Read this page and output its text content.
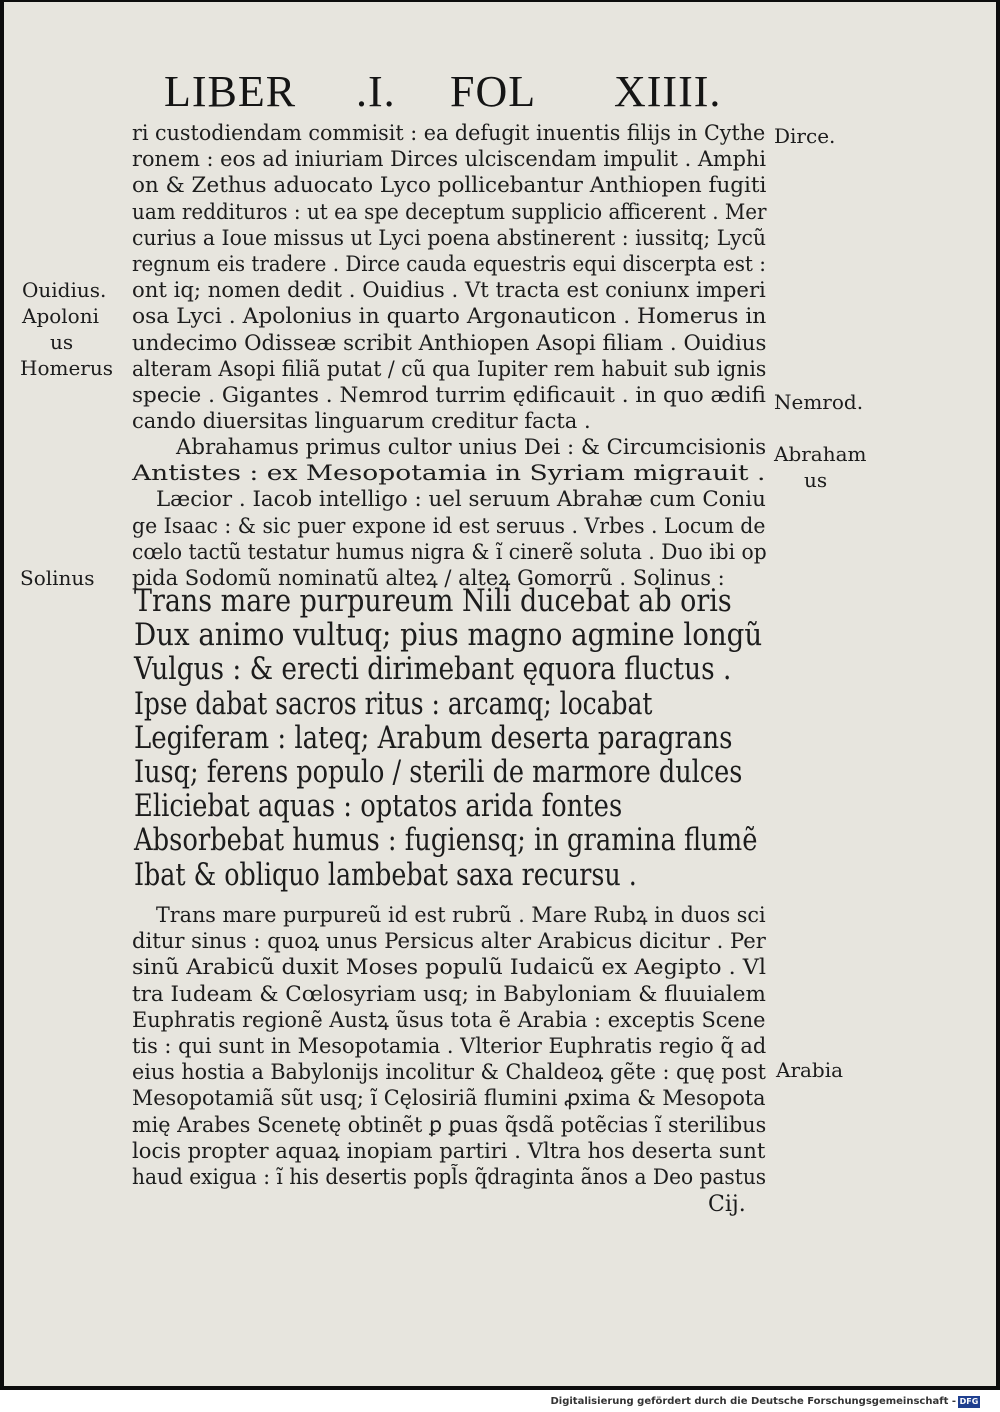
LIBER .I. FOL XIIII.
ri custodiendam commisit : ea defugit inuentis filijs in Cythe
ronem : eos ad iniuriam Dirces ulciscendam impulit . Amphi
on & Zethus aduocato Lyco pollicebantur Anthiopen fugiti
uam reddituros : ut ea spe deceptum supplicio afficerent . Mer
curius a Ioue missus ut Lyci poena abstinerent : iussitq; Lycũ
regnum eis tradere . Dirce cauda equestris equi discerpta est :
ont iq; nomen dedit . Ouidius . Vt tracta est coniunx imperi
osa Lyci . Apolonius in quarto Argonauticon . Homerus in
undecimo Odisseæ scribit Anthiopen Asopi filiam . Ouidius
alteram Asopi filiã putat / cũ qua Iupiter rem habuit sub ignis
specie . Gigantes . Nemrod turrim ędificauit . in quo ædifi
cando diuersitas linguarum creditur facta .
Abrahamus primus cultor unius Dei : & Circumcisionis
Antistes : ex Mesopotamia in Syriam migrauit .
Læcior . Iacob intelligo : uel seruum Abrahæ cum Coniu
ge Isaac : & sic puer expone id est seruus . Vrbes . Locum de
cœlo tactũ testatur humus nigra & ĩ cinerẽ soluta . Duo ibi op
pida Sodomũ nominatũ alteꝝ / alteꝝ Gomorrũ . Solinus :
Trans mare purpureum Nili ducebat ab oris
Dux animo vultuq; pius magno agmine longũ
Vulgus : & erecti dirimebant ęquora fluctus .
Ipse dabat sacros ritus : arcamq; locabat
Legiferam : lateq; Arabum deserta paragrans
Iusq; ferens populo / sterili de marmore dulces
Eliciebat aquas : optatos arida fontes
Absorbebat humus : fugiensq; in gramina flumẽ
Ibat & obliquo lambebat saxa recursu .
Trans mare purpureũ id est rubrũ . Mare Rubꝝ in duos sci
ditur sinus : quoꝝ unus Persicus alter Arabicus dicitur . Per
sinũ Arabicũ duxit Moses populũ Iudaicũ ex Aegipto . Vl
tra Iudeam & Cœlosyriam usq; in Babyloniam & fluuialem
Euphratis regionẽ Austꝝ ũsus tota ẽ Arabia : exceptis Scene
tis : qui sunt in Mesopotamia . Vlterior Euphratis regio q̃ ad
eius hostia a Babylonijs incolitur & Chaldeoꝝ gẽte : quę post
Mesopotamiã sũt usq; ĩ Cęlosiriã flumini ꝓxima & Mesopota
mię Arabes Scenetę obtinẽt ꝑ ꝑuas q̃sdã potẽcias ĩ sterilibus
locis propter aquaꝝ inopiam partiri . Vltra hos deserta sunt
haud exigua : ĩ his desertis popl̃s q̃draginta ãnos a Deo pastus
Ouidius.
Apoloni
us
Homerus
Solinus
Dirce.
Nemrod.
Abraham
us
Arabia
Cij.
Digitalisierung gefördert durch die Deutsche Forschungsgemeinschaft - DFG
